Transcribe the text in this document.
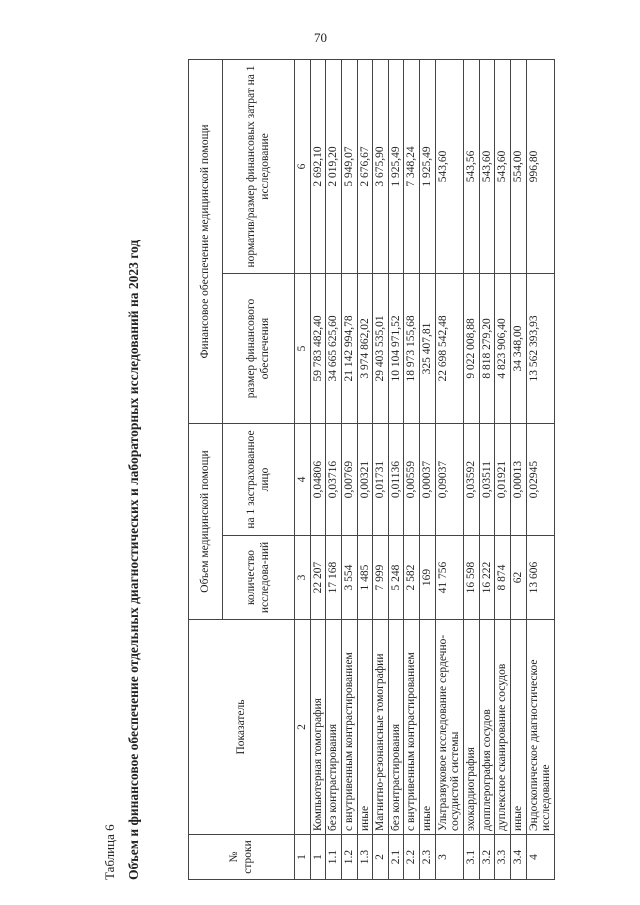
70
Таблица 6 Объем и финансовое обеспечение отдельных диагностических и лабораторных исследований на 2023 год	№ строки	Показатель	Объем медицинской помощи		Финансовое обеспечение медицинской помощи	
		количество исследова-ний	на 1 застрахованное лицо	размер финансового обеспечения	норматив/размер финансовых затрат на 1 исследование
1	2	3	4	5	6
1	Компьютерная томография	22 207	0,04806	59 783 482,40	2 692,10
1.1	без контрастирования	17 168	0,03716	34 665 625,60	2 019,20
1.2	с внутривенным контрастированием	3 554	0,00769	21 142 994,78	5 949,07
1.3	иные	1 485	0,00321	3 974 862,02	2 676,67
2	Магнитно-резонансные томографии	7 999	0,01731	29 403 535,01	3 675,90
2.1	без контрастирования	5 248	0,01136	10 104 971,52	1 925,49
2.2	с внутривенным контрастированием	2 582	0,00559	18 973 155,68	7 348,24
2.3	иные	169	0,00037	325 407,81	1 925,49
3	Ультразвуковое исследование сердечно-сосудистой системы	41 756	0,09037	22 698 542,48	543,60
3.1	эхокардиография	16 598	0,03592	9 022 008,88	543,56
3.2	допплерография сосудов	16 222	0,03511	8 818 279,20	543,60
3.3	дуплексное сканирование сосудов	8 874	0,01921	4 823 906,40	543,60
3.4	иные	62	0,00013	34 348,00	554,00
4	Эндоскопическое диагностическое исследование	13 606	0,02945	13 562 393,93	996,80
